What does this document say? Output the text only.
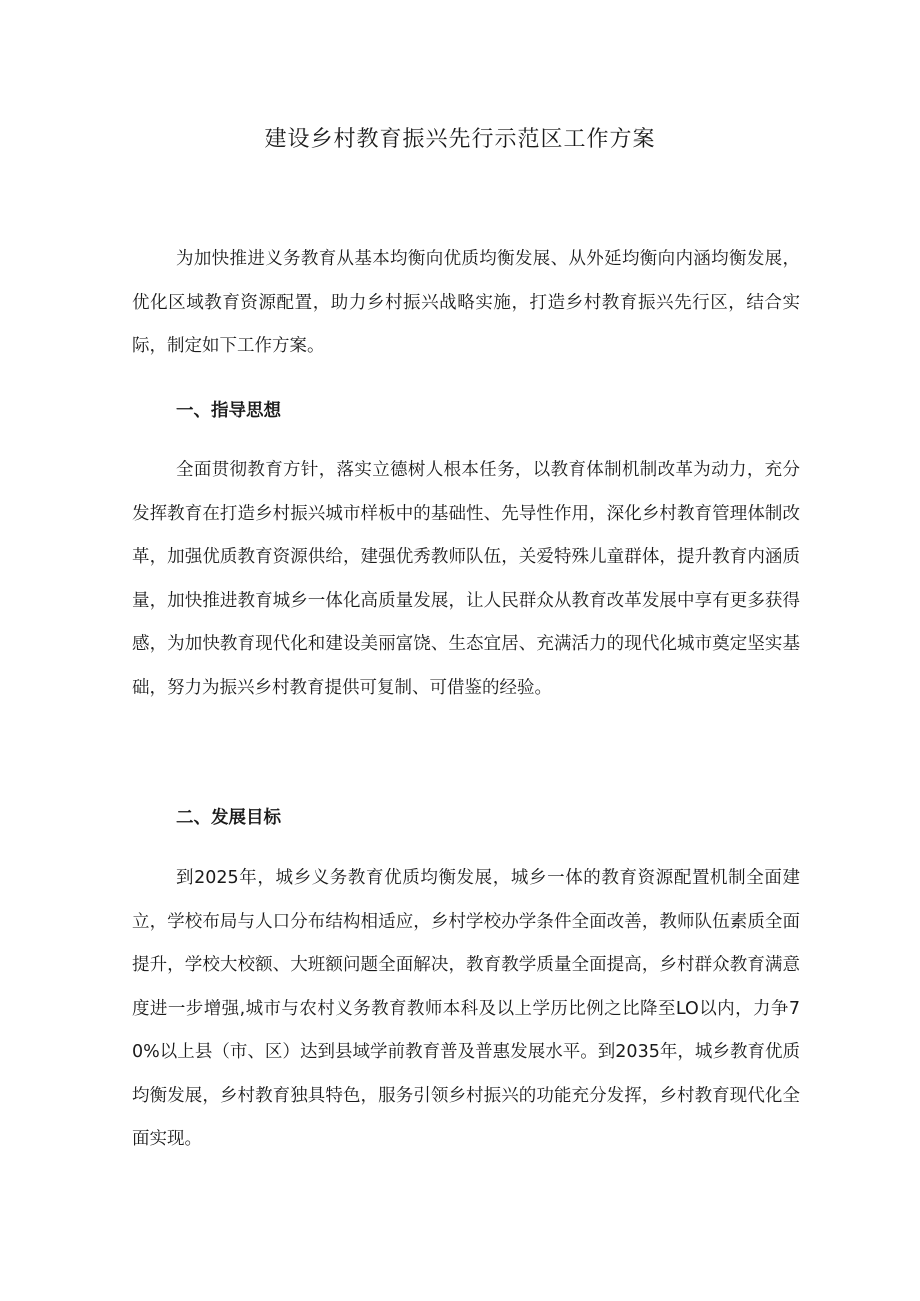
建设乡村教育振兴先行示范区工作方案

为加快推进义务教育从基本均衡向优质均衡发展、从外延均衡向内涵均衡发展，优化区域教育资源配置，助力乡村振兴战略实施，打造乡村教育振兴先行区，结合实际，制定如下工作方案。

一、指导思想

全面贯彻教育方针，落实立德树人根本任务，以教育体制机制改革为动力，充分发挥教育在打造乡村振兴城市样板中的基础性、先导性作用，深化乡村教育管理体制改革，加强优质教育资源供给，建强优秀教师队伍，关爱特殊儿童群体，提升教育内涵质量，加快推进教育城乡一体化高质量发展，让人民群众从教育改革发展中享有更多获得感，为加快教育现代化和建设美丽富饶、生态宜居、充满活力的现代化城市奠定坚实基础，努力为振兴乡村教育提供可复制、可借鉴的经验。

二、发展目标

到2025年，城乡义务教育优质均衡发展，城乡一体的教育资源配置机制全面建立，学校布局与人口分布结构相适应，乡村学校办学条件全面改善，教师队伍素质全面提升，学校大校额、大班额问题全面解决，教育教学质量全面提高，乡村群众教育满意度进一步增强,城市与农村义务教育教师本科及以上学历比例之比降至LO以内，力争70%以上县（市、区）达到县域学前教育普及普惠发展水平。到2035年，城乡教育优质均衡发展，乡村教育独具特色，服务引领乡村振兴的功能充分发挥，乡村教育现代化全面实现。
